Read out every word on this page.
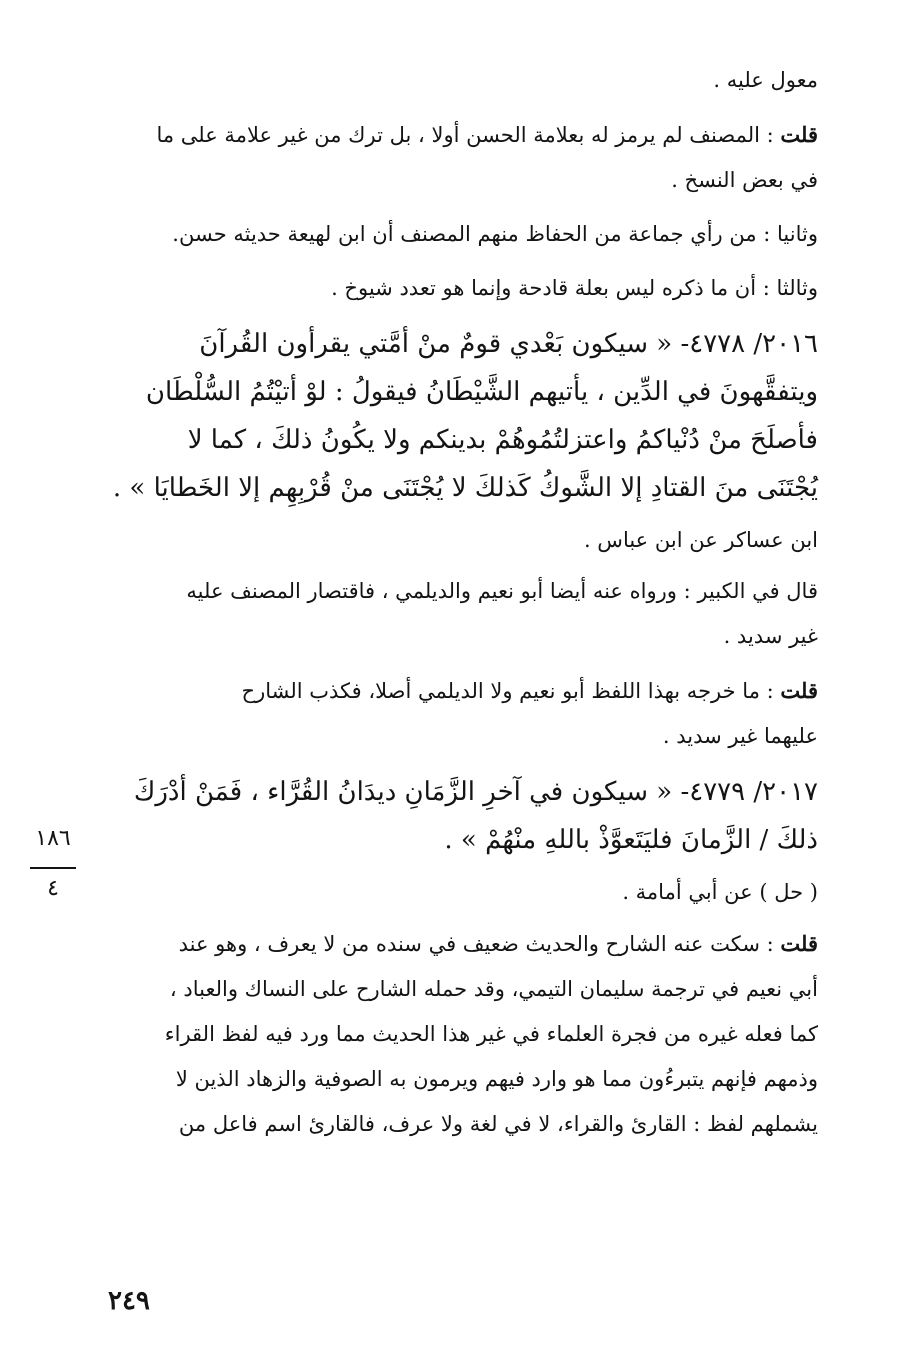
معول عليه .

قلت : المصنف لم يرمز له بعلامة الحسن أولا ، بل ترك من غير علامة على ما

في بعض النسخ .

وثانيا : من رأي جماعة من الحفاظ منهم المصنف أن ابن لهيعة حديثه حسن.

وثالثا : أن ما ذكره ليس بعلة قادحة وإنما هو تعدد شيوخ .

٢٠١٦/ ٤٧٧٨- « سيكون بَعْدي قومٌ منْ أمَّتي يقرأون القُرآنَ

ويتفقَّهونَ في الدِّين ، يأتيهم الشَّيْطَانُ فيقولُ : لوْ أتيْتُمُ السُّلْطَان

فأصلَحَ منْ دُنْياكمُ واعتزلتُمُوهُمْ بدينكم ولا يكُونُ ذلكَ ، كما لا

يُجْتَنَى منَ القتادِ إلا الشَّوكُ كَذلكَ لا يُجْتَنَى منْ قُرْبِهِم إلا الخَطايَا » .

ابن عساكر عن ابن عباس .

قال في الكبير : ورواه عنه أيضا أبو نعيم والديلمي ، فاقتصار المصنف عليه

غير سديد .

قلت : ما خرجه بهذا اللفظ أبو نعيم ولا الديلمي أصلا، فكذب الشارح

عليهما غير سديد .

٢٠١٧/ ٤٧٧٩- « سيكون في آخرِ الزَّمَانِ ديدَانُ القُرَّاء ، فَمَنْ أدْرَكَ

ذلكَ / الزَّمانَ فليَتَعوَّذْ باللهِ منْهُمْ » .

( حل ) عن أبي أمامة .

قلت : سكت عنه الشارح والحديث ضعيف في سنده من لا يعرف ، وهو عند

أبي نعيم في ترجمة سليمان التيمي، وقد حمله الشارح على النساك والعباد ،

كما فعله غيره من فجرة العلماء في غير هذا الحديث مما ورد فيه لفظ القراء

وذمهم فإنهم يتبرءُون مما هو وارد فيهم ويرمون به الصوفية والزهاد الذين لا

يشملهم لفظ : القارئ والقراء، لا في لغة ولا عرف، فالقارئ اسم فاعل من

١٨٦
٤
٢٤٩
